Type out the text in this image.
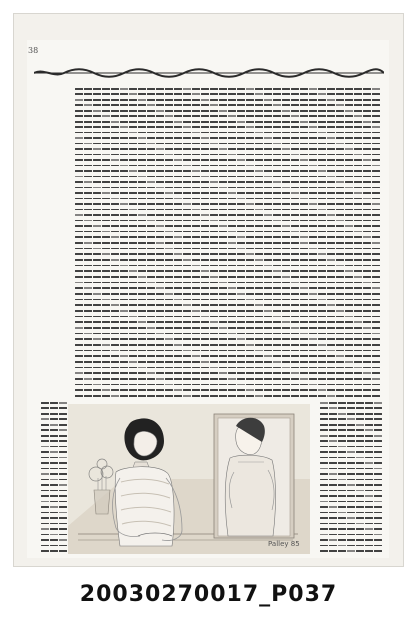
38
Palley 85
20030270017_P037
